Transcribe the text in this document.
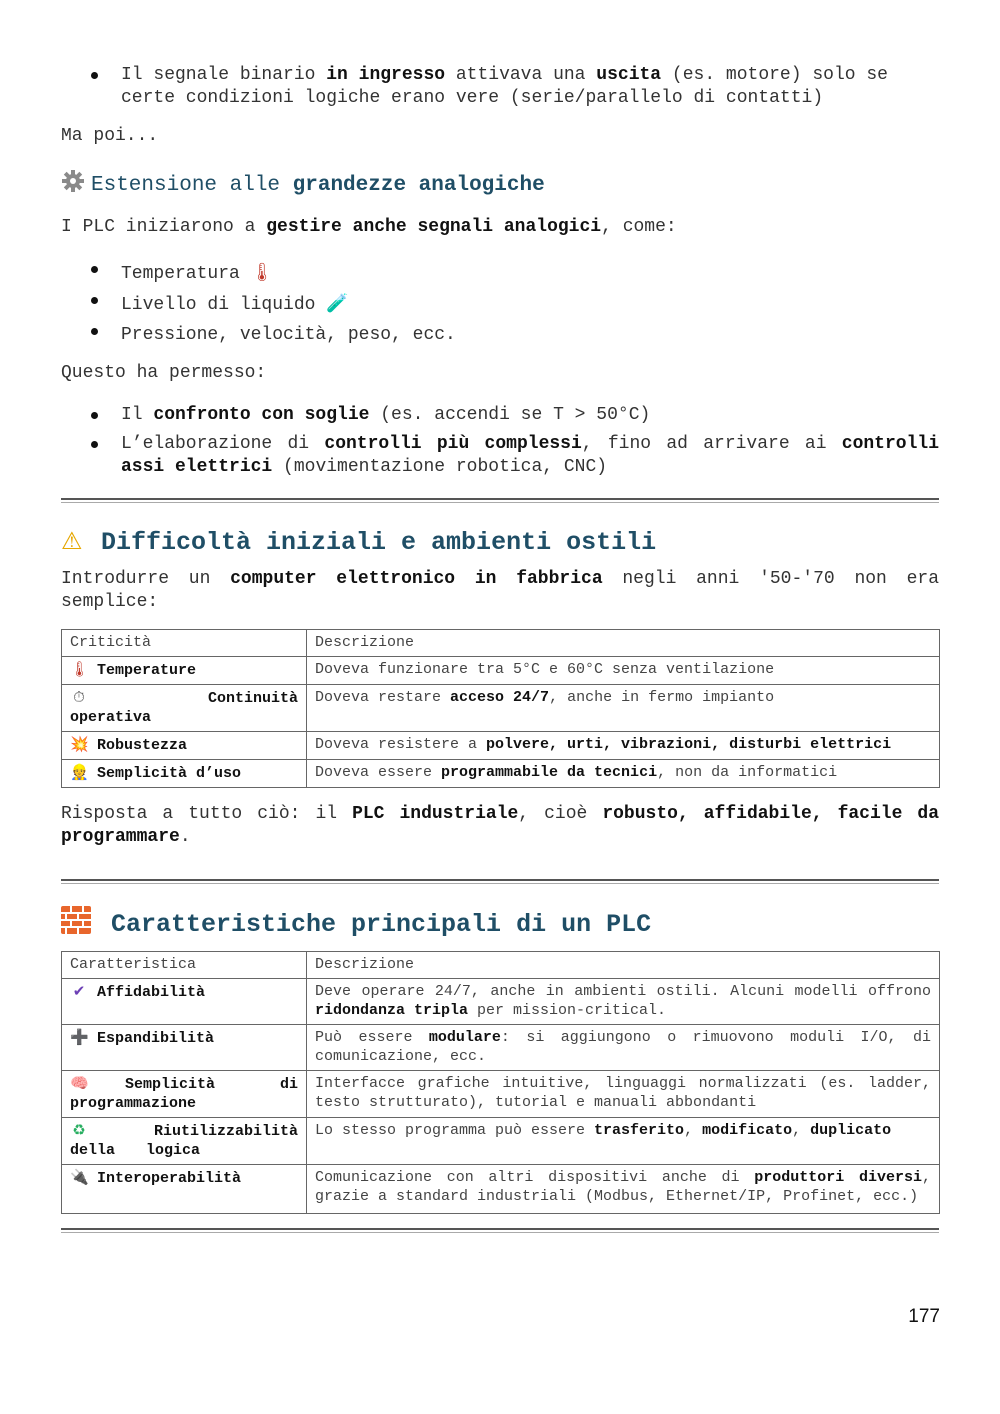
Il segnale binario in ingresso attivava una uscita (es. motore) solo se certe condizioni logiche erano vere (serie/parallelo di contatti)

Ma poi...

Estensione alle grandezze analogiche

I PLC iniziarono a gestire anche segnali analogici, come:

Temperatura 🌡
Livello di liquido 🧪
Pressione, velocità, peso, ecc.

Questo ha permesso:

Il confronto con soglie (es. accendi se T > 50°C)
L’elaborazione di controlli più complessi, fino ad arrivare ai controlli assi elettrici (movimentazione robotica, CNC)
⚠ Difficoltà iniziali e ambienti ostili

Introdurre un computer elettronico in fabbrica negli anni '50-'70 non era semplice:

Criticità	Descrizione
🌡 Temperature	Doveva funzionare tra 5°C e 60°C senza ventilazione
⏱ Continuità operativa	Doveva restare acceso 24/7, anche in fermo impianto
💥 Robustezza	Doveva resistere a polvere, urti, vibrazioni, disturbi elettrici
👷 Semplicità d’uso	Doveva essere programmabile da tecnici, non da informatici

Risposta a tutto ciò: il PLC industriale, cioè robusto, affidabile, facile da programmare.

Caratteristiche principali di un PLC
Caratteristica	Descrizione
✔ Affidabilità	Deve operare 24/7, anche in ambienti ostili. Alcuni modelli offrono ridondanza tripla per mission-critical.
➕ Espandibilità	Può essere modulare: si aggiungono o rimuovono moduli I/O, di comunicazione, ecc.
🧠 Semplicità di programmazione	Interfacce grafiche intuitive, linguaggi normalizzati (es. ladder, testo strutturato), tutorial e manuali abbondanti
♻ Riutilizzabilità della logica	Lo stesso programma può essere trasferito, modificato, duplicato
🔌 Interoperabilità	Comunicazione con altri dispositivi anche di produttori diversi, grazie a standard industriali (Modbus, Ethernet/IP, Profinet, ecc.)
177
